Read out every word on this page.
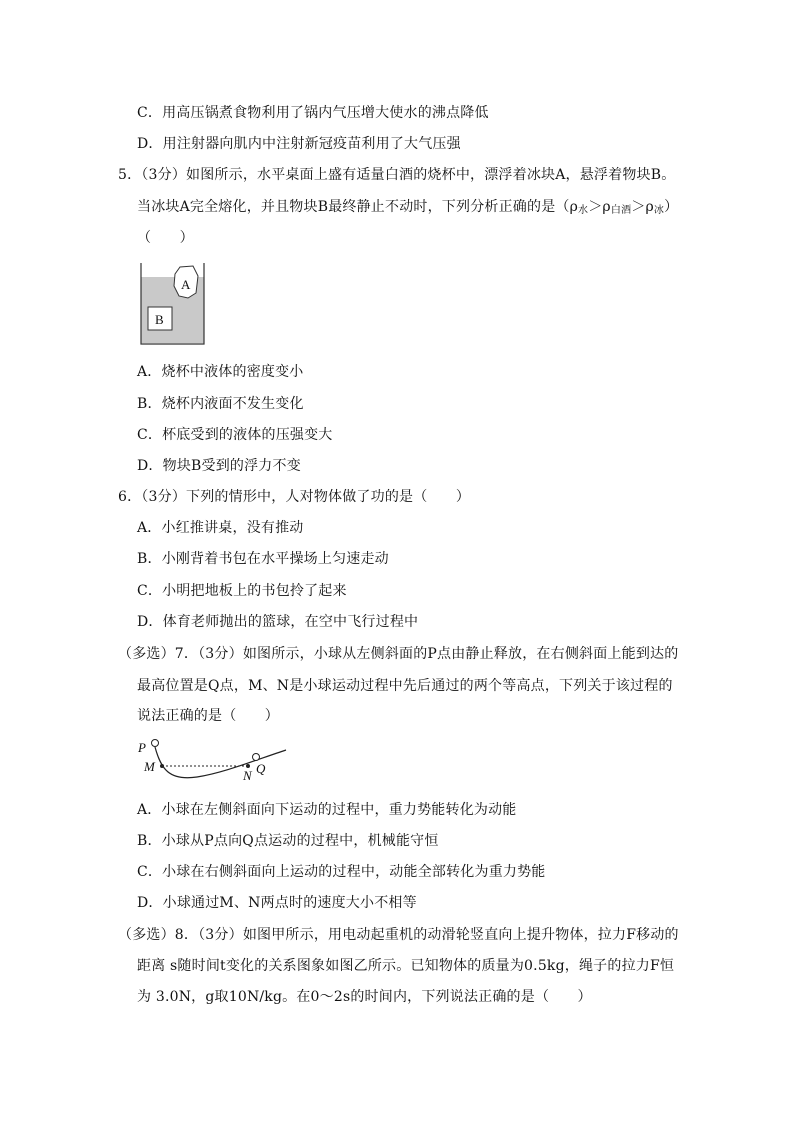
C．用高压锅煮食物利用了锅内气压增大使水的沸点降低
D．用注射器向肌内中注射新冠疫苗利用了大气压强
5．（3分）如图所示，水平桌面上盛有适量白酒的烧杯中，漂浮着冰块A，悬浮着物块B。
当冰块A完全熔化，并且物块B最终静止不动时，下列分析正确的是$(\rho_水>\rho_{白酒}>\rho_冰)$
（　　）
A
B
A．烧杯中液体的密度变小
B．烧杯内液面不发生变化
C．杯底受到的液体的压强变大
D．物块B受到的浮力不变
6．（3分）下列的情形中，人对物体做了功的是（　　）
A．小红推讲桌，没有推动
B．小刚背着书包在水平操场上匀速走动
C．小明把地板上的书包拎了起来
D．体育老师抛出的篮球，在空中飞行过程中
（多选）7．（3分）如图所示，小球从左侧斜面的P点由静止释放，在右侧斜面上能到达的
最高位置是Q点，M、N是小球运动过程中先后通过的两个等高点，下列关于该过程的
说法正确的是（　　）
P
M
N Q
A．小球在左侧斜面向下运动的过程中，重力势能转化为动能
B．小球从P点向Q点运动的过程中，机械能守恒
C．小球在右侧斜面向上运动的过程中，动能全部转化为重力势能
D．小球通过M、N两点时的速度大小不相等
（多选）8．（3分）如图甲所示，用电动起重机的动滑轮竖直向上提升物体，拉力F移动的
距离 s随时间t变化的关系图象如图乙所示。已知物体的质量为0.5kg，绳子的拉力F恒
为 3.0N，g取10N/kg。在0～2s的时间内，下列说法正确的是（　　）
